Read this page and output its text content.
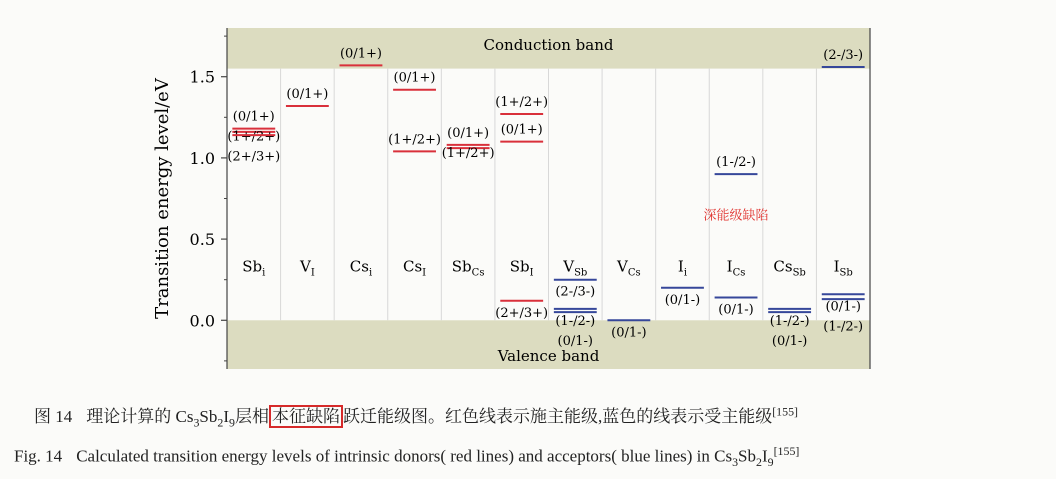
0.0
0.5
1.0
1.5
$Sb_i$
(0/1+)
(1+/2+)
(2+/3+)
$V_I$
(0/1+)
$Cs_i$
(0/1+)
$Cs_I$
(0/1+)
(1+/2+)
$Sb_{Cs}$
(0/1+)
(1+/2+)
$Sb_I$
(1+/2+)
(0/1+)
(2+/3+)
$V_{Sb}$
(2-/3-)
(1-/2-)
(0/1-)
$V_{Cs}$
(0/1-)
$I_i$
(0/1-)
$I_{Cs}$
(1-/2-)
(0/1-)
$Cs_{Sb}$
(1-/2-)
(0/1-)
$I_{Sb}$
(2-/3-)
(0/1-)
(1-/2-)
Conduction band
Valence band
Transition energy level/eV	深能级缺陷
图 14 理论计算的 $Cs_3Sb_2I_9$层相 本征缺陷 跃迁能级图。红色线表示施主能级,蓝色的线表示受主能级[155]
Fig. 14 Calculated transition energy levels of intrinsic donors( red lines) and acceptors( blue lines) in $Cs_3Sb_2I_9[155]$
